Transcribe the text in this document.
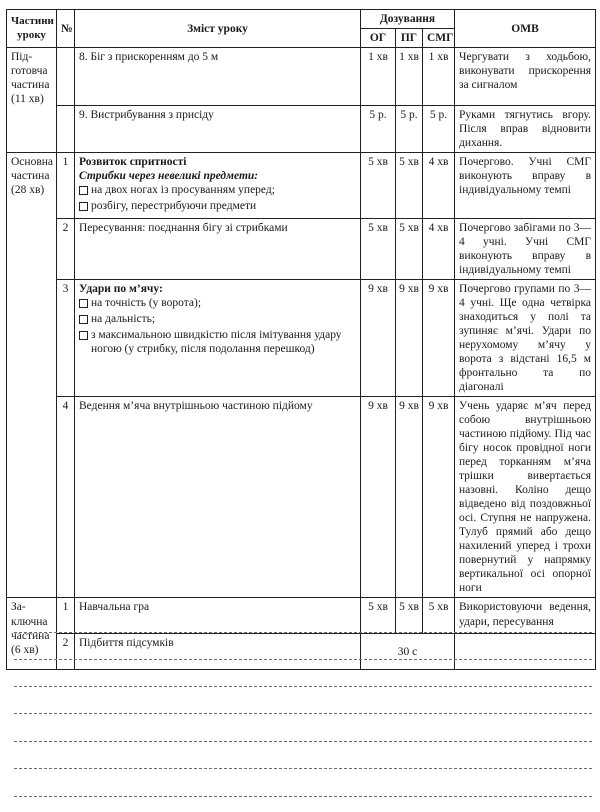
Частини уроку	№	Зміст уроку	Дозування			ОМВ
			ОГ	ПГ	СМГ	
Під-готовча частина (11 хв)		8. Біг з прискоренням до 5 м	1 хв	1 хв	1 хв	Чергувати з ходьбою, виконувати прискорення за сигналом
		9. Вистрибування з присіду	5 р.	5 р.	5 р.	Руками тягнутись вгору. Після вправ відновити дихання.
Основна частина (28 хв)	1	Розвиток спритності
Стрибки через невеликі предмети:
на двох ногах із просуванням уперед;
розбігу, перестрибуючи предмети	5 хв	5 хв	4 хв	Почергово. Учні СМГ виконують вправу в індивідуальному темпі
	2	Пересування: поєднання бігу зі стрибками	5 хв	5 хв	4 хв	Почергово забігами по 3—4 учні. Учні СМГ виконують вправу в індивідуальному темпі
	3	Удари по м’ячу:
на точність (у ворота);
на дальність;
з максимальною швидкістю після імітування удару ногою (у стрибку, після подолання перешкод)	9 хв	9 хв	9 хв	Почергово групами по 3—4 учні. Ще одна четвірка знаходиться у полі та зупиняє м’ячі. Удари по нерухомому м’ячу у ворота з відстані 16,5 м фронтально та по діагоналі
	4	Ведення м’яча внутрішньою частиною підйому	9 хв	9 хв	9 хв	Учень ударяє м’яч перед собою внутрішньою частиною підйому. Під час бігу носок провідної ноги перед торканням м’яча трішки вивертається назовні. Коліно дещо відведено від поздовжньої осі. Ступня не напружена. Тулуб прямий або дещо нахилений уперед і трохи повернутий у напрямку вертикальної осі опорної ноги
За-ключна частина (6 хв)	1	Навчальна гра	5 хв	5 хв	5 хв	Використовуючи ведення, удари, пересування
	2	Підбиття підсумків	30 с			
